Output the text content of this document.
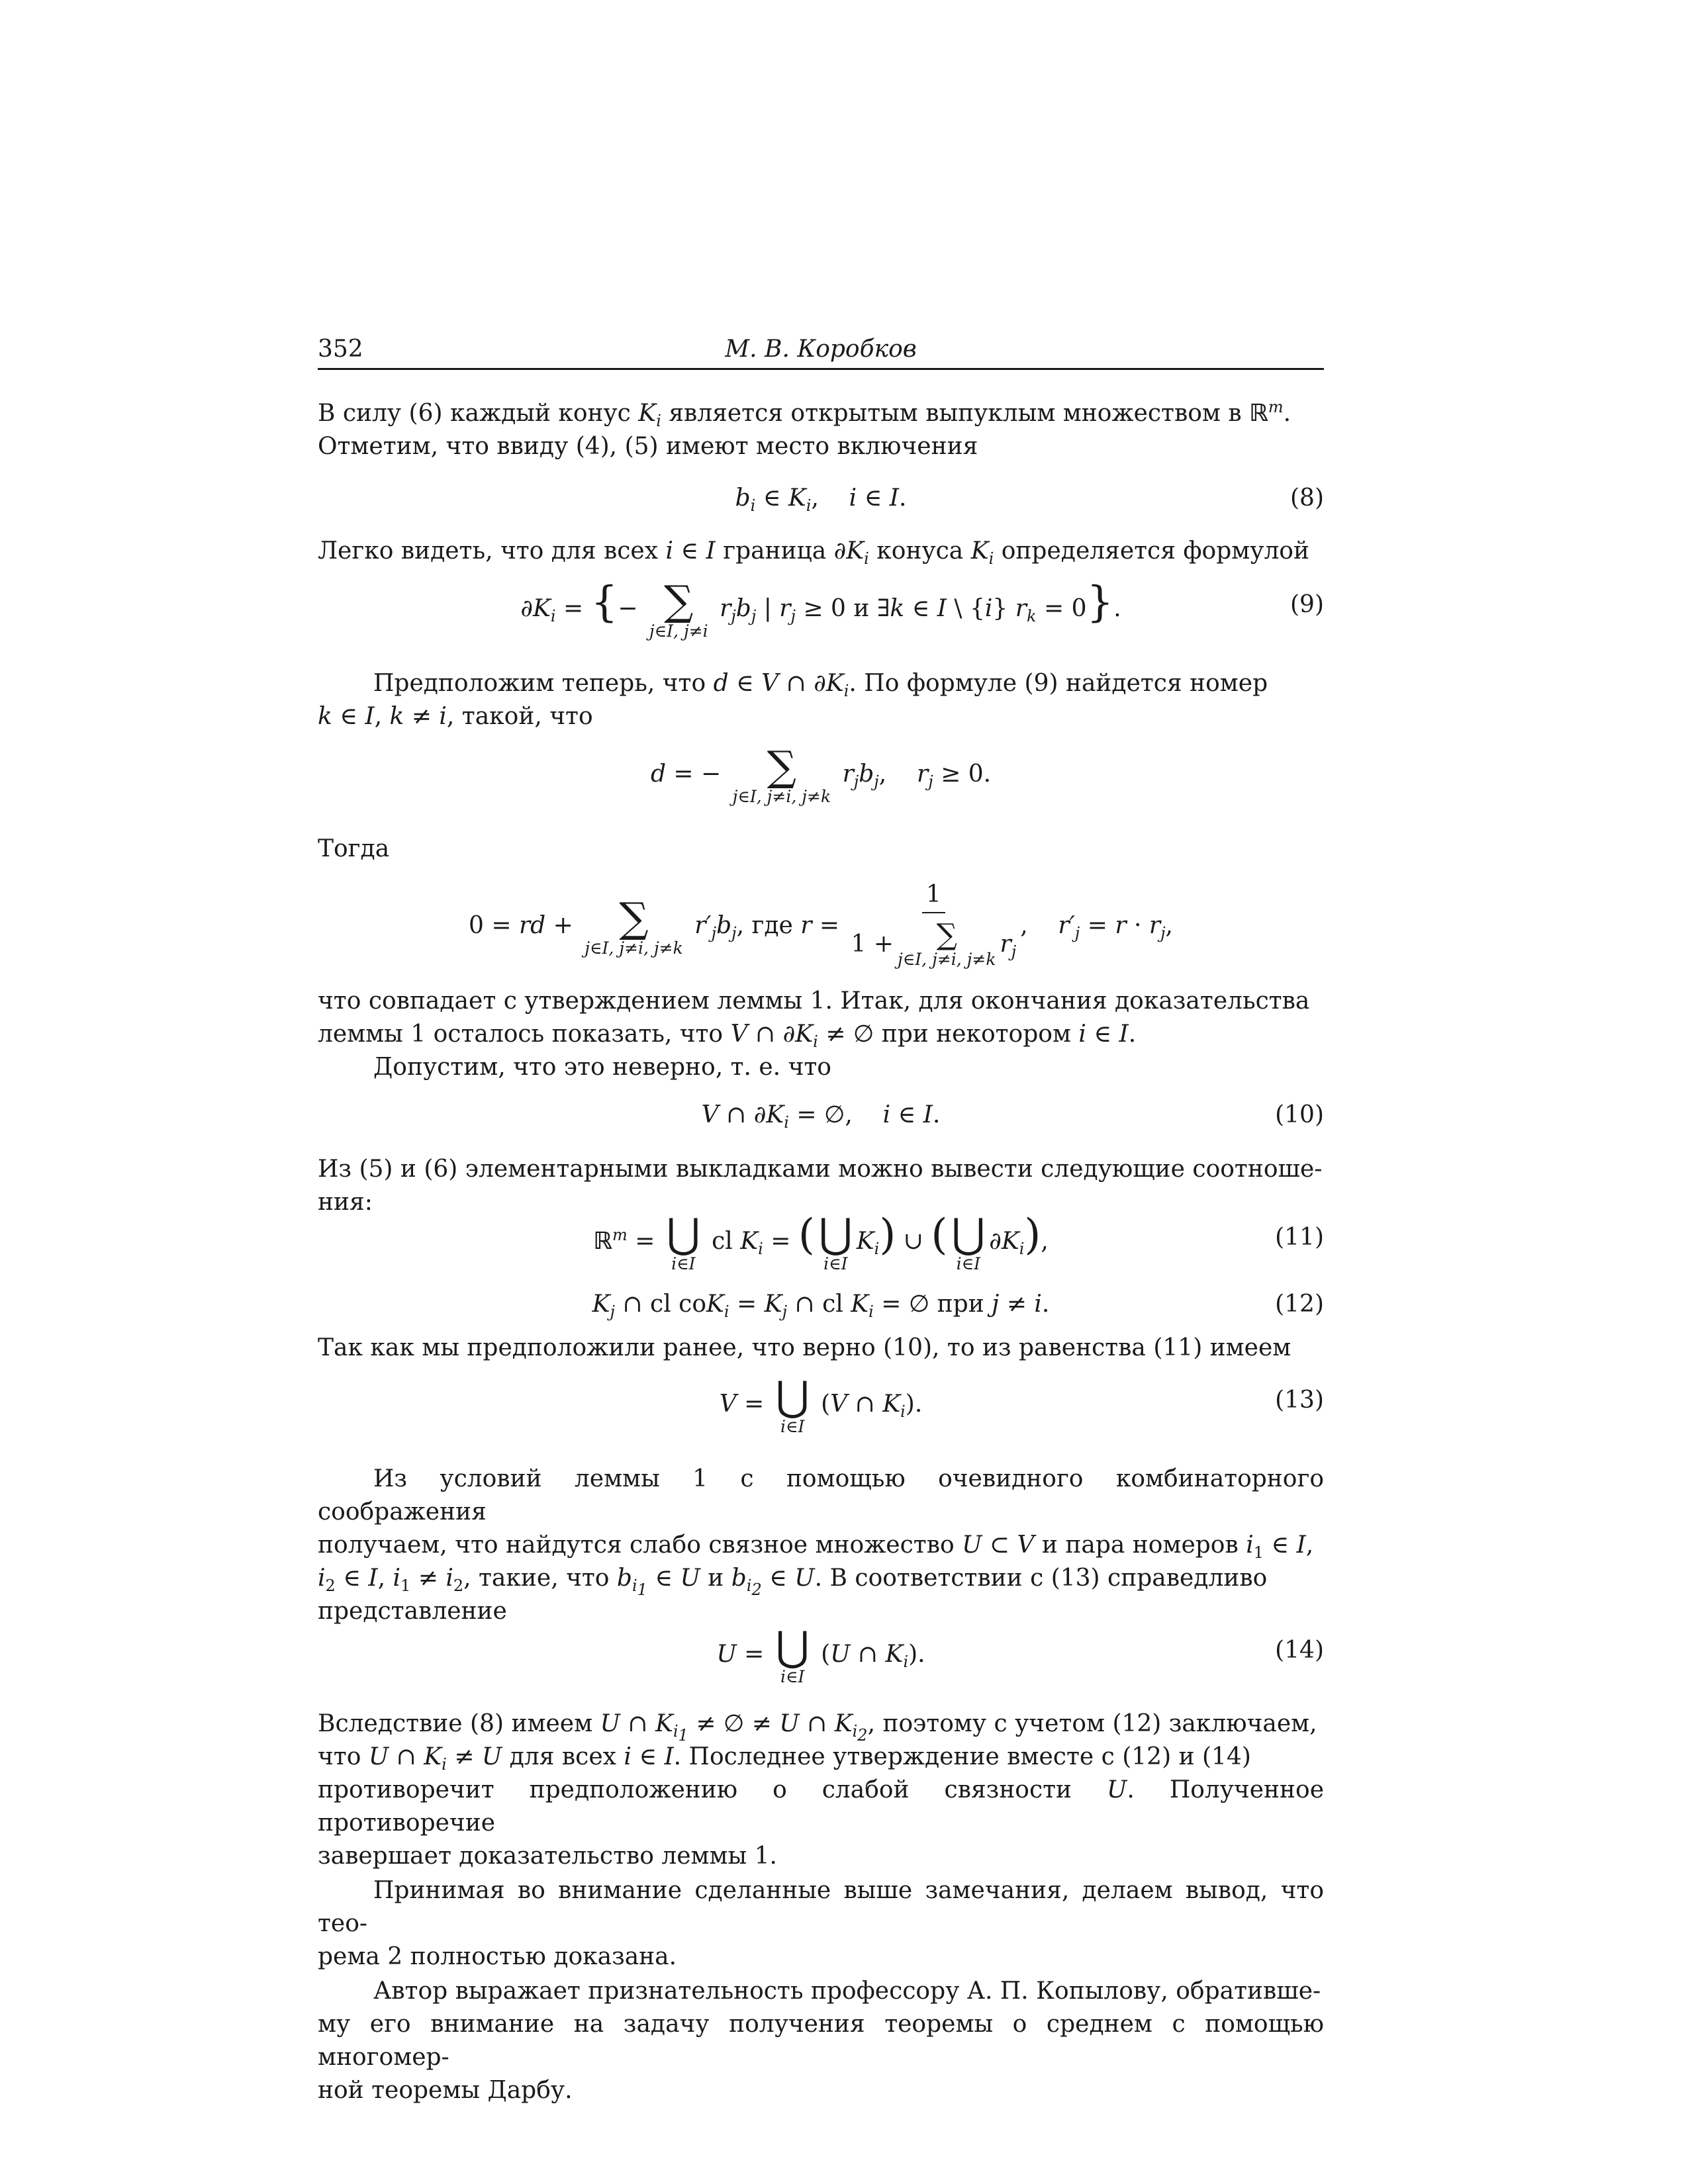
352	М. В. Коробков

В силу (6) каждый конус $K_i$ является открытым выпуклым множеством в ℝ$^m$.
Отметим, что ввиду (4), (5) имеют место включения

$b_i$ ∈ $K_i$,    i ∈ I.	(8)

Легко видеть, что для всех i ∈ I граница $\partial K_i$ конуса $K_i$ определяется формулой

$\partial K_i$ = {− ∑
j∈I, j≠i
$r_jb_j$ | $r_j \ge 0$ и ∃k ∈ I \ {i} $r_k = 0$}.	(9)

Предположим теперь, что d ∈ V ∩ $\partial K_i$. По формуле (9) найдется номер
k ∈ I, k ≠ i, такой, что

d = − ∑
j∈I, j≠i, j≠k
$r_jb_j$,    $r_j \ge 0$.

Тогда

0 = rd + ∑
j∈I, j≠i, j≠k
$r'_jb_j$, где r = 1
1 + ∑
j∈I, j≠i, j≠k
$r_j$ ,    $r'_j = r \cdot r_j$,

что совпадает с утверждением леммы 1. Итак, для окончания доказательства
леммы 1 осталось показать, что V ∩ $\partial K_i$ ≠ ∅ при некотором i ∈ I.

Допустим, что это неверно, т. е. что

V ∩ $\partial K_i$ = ∅,    i ∈ I.	(10)

Из (5) и (6) элементарными выкладками можно вывести следующие соотноше-
ния:

ℝ$^m$ = ⋃
i∈I
cl $K_i$ = ( ⋃
i∈I
$K_i$) ∪ ( ⋃
i∈I
$\partial K_i$),	(11)
$K_j$ ∩ cl $coK_i = K_j$ ∩ cl $K_i$ = ∅ при j ≠ i.	(12)

Так как мы предположили ранее, что верно (10), то из равенства (11) имеем

V = ⋃
i∈I
(V ∩ $K_i$).	(13)

Из условий леммы 1 с помощью очевидного комбинаторного соображения
получаем, что найдутся слабо связное множество U ⊂ V и пара номеров $i_1$ ∈ I,
$i_2$ ∈ I, $i_1 \ne i_2$, такие, что $b_{i_1}$ ∈ U и $b_{i_2}$ ∈ U. В соответствии с (13) справедливо
представление

U = ⋃
i∈I
(U ∩ $K_i$).	(14)

Вследствие (8) имеем U ∩ $K_{i_1}$ ≠ ∅ ≠ U ∩ $K_{i_2}$, поэтому с учетом (12) заключаем,
что U ∩ $K_i \ne U$ для всех i ∈ I. Последнее утверждение вместе с (12) и (14)
противоречит предположению о слабой связности U. Полученное противоречие
завершает доказательство леммы 1.

Принимая во внимание сделанные выше замечания, делаем вывод, что тео-
рема 2 полностью доказана.

Автор выражает признательность профессору А. П. Копылову, обративше-
му его внимание на задачу получения теоремы о среднем с помощью многомер-
ной теоремы Дарбу.
